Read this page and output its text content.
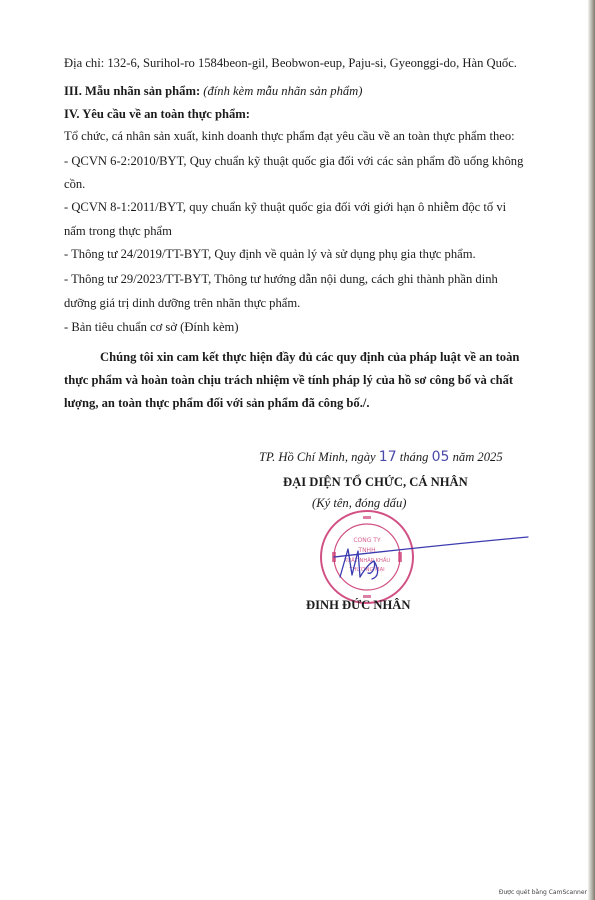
Địa chỉ: 132-6, Surihol-ro 1584beon-gil, Beobwon-eup, Paju-si, Gyeonggi-do, Hàn Quốc.
III. Mẫu nhãn sản phẩm: (đính kèm mẫu nhãn sản phẩm)
IV. Yêu cầu về an toàn thực phẩm:
Tổ chức, cá nhân sản xuất, kinh doanh thực phẩm đạt yêu cầu về an toàn thực phẩm theo:
- QCVN 6-2:2010/BYT, Quy chuẩn kỹ thuật quốc gia đối với các sản phẩm đồ uống không
cồn.
- QCVN 8-1:2011/BYT, quy chuẩn kỹ thuật quốc gia đối với giới hạn ô nhiễm độc tố vi
nấm trong thực phẩm
- Thông tư 24/2019/TT-BYT, Quy định về quản lý và sử dụng phụ gia thực phẩm.
- Thông tư 29/2023/TT-BYT, Thông tư hướng dẫn nội dung, cách ghi thành phần dinh
dưỡng giá trị dinh dưỡng trên nhãn thực phẩm.
- Bản tiêu chuẩn cơ sở (Đính kèm)
Chúng tôi xin cam kết thực hiện đầy đủ các quy định của pháp luật về an toàn thực phẩm và hoàn toàn chịu trách nhiệm về tính pháp lý của hồ sơ công bố và chất lượng, an toàn thực phẩm đối với sản phẩm đã công bố./.
TP. Hồ Chí Minh, ngày 17 tháng 05 năm 2025
ĐẠI DIỆN TỔ CHỨC, CÁ NHÂN
(Ký tên, đóng dấu)
CÔNG TY
TNHH
XUẤT NHẬP KHẨU
THƯƠNG MẠI
ĐINH ĐỨC NHÂN
Được quét bằng CamScanner
